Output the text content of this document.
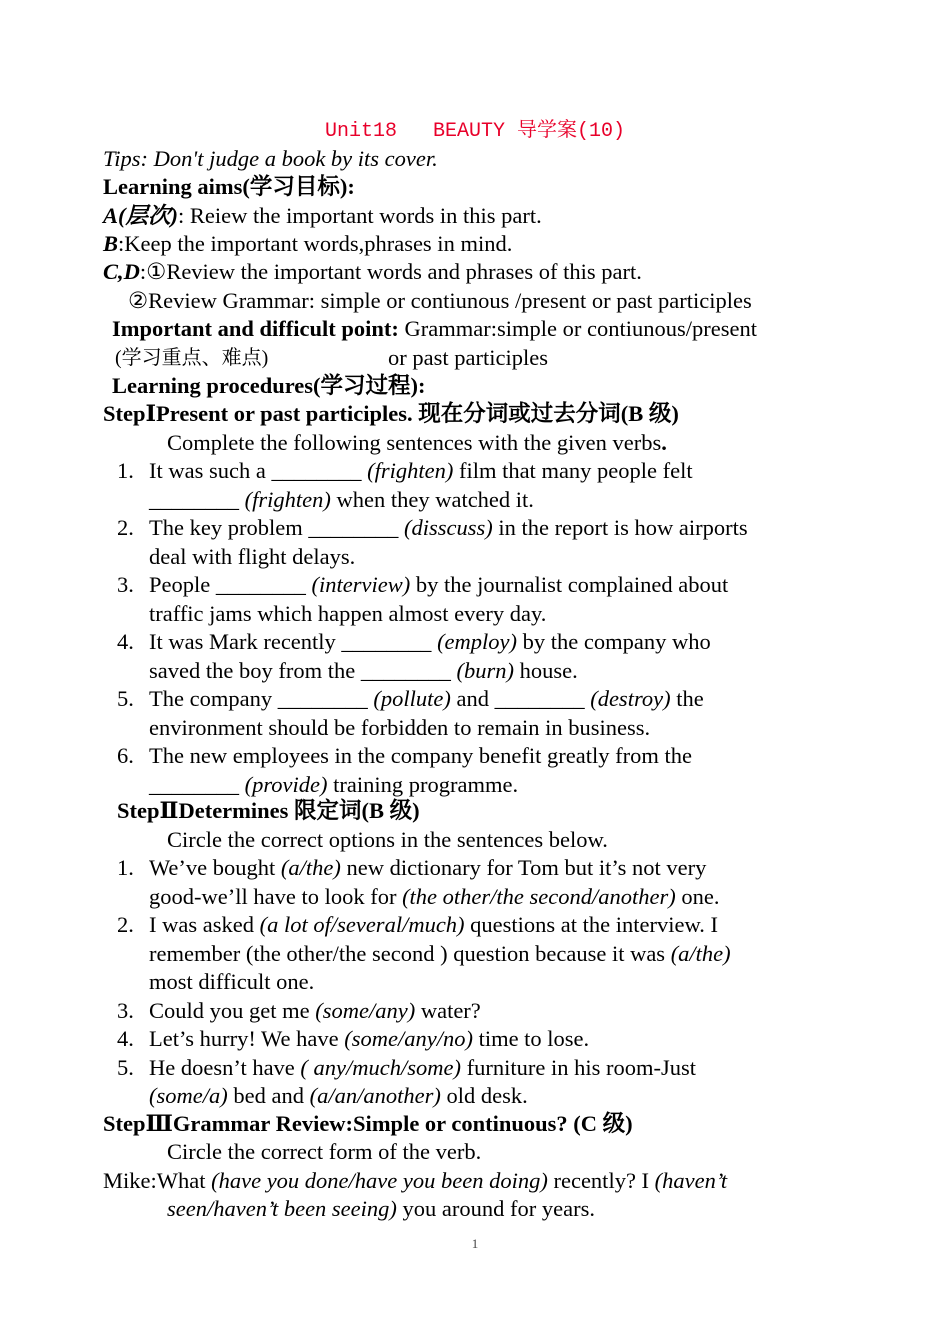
Unit18   BEAUTY 导学案(10)
Tips: Don't judge a book by its cover.
Learning aims(学习目标):
A(层次): Reiew the important words in this part.
B:Keep the important words,phrases in mind.
C,D:①Review the important words and phrases of this part.
②Review Grammar: simple or contiunous /present or past participles
Important and difficult point: Grammar:simple or contiunous/present
(学习重点、难点)	or past participles
Learning procedures(学习过程):
StepⅠPresent or past participles. 现在分词或过去分词(B 级)
Complete the following sentences with the given verbs.
1. It was such a ________ (frighten) film that many people felt
________ (frighten) when they watched it.
2. The key problem ________ (disscuss) in the report is how airports
deal with flight delays.
3. People ________ (interview) by the journalist complained about
traffic jams which happen almost every day.
4. It was Mark recently ________ (employ) by the company who
saved the boy from the ________ (burn) house.
5. The company ________ (pollute) and ________ (destroy) the
environment should be forbidden to remain in business.
6. The new employees in the company benefit greatly from the
________ (provide) training programme.
StepⅡDetermines 限定词(B 级)
Circle the correct options in the sentences below.
1. We’ve bought (a/the) new dictionary for Tom but it’s not very
good-we’ll have to look for (the other/the second/another) one.
2. I was asked (a lot of/several/much) questions at the interview. I
remember (the other/the second ) question because it was (a/the)
most difficult one.
3. Could you get me (some/any) water?
4. Let’s hurry! We have (some/any/no) time to lose.
5. He doesn’t have ( any/much/some) furniture in his room-Just
(some/a) bed and (a/an/another) old desk.
StepⅢGrammar Review:Simple or continuous? (C 级)
Circle the correct form of the verb.
Mike:What (have you done/have you been doing) recently? I (haven’t
seen/haven’t been seeing) you around for years.
1
